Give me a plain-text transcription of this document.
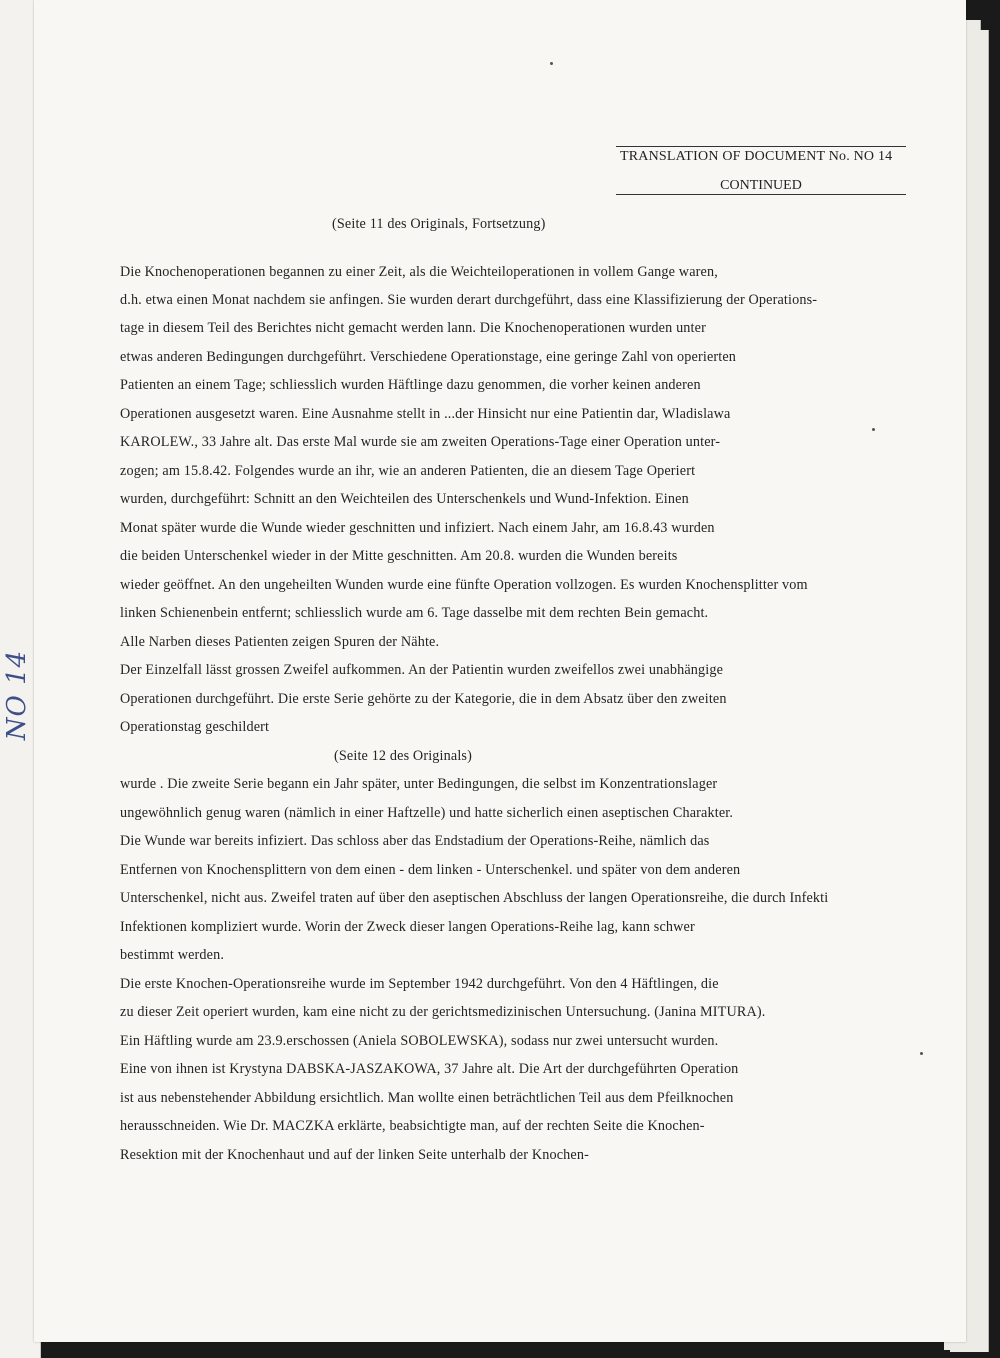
NO 14
TRANSLATION OF DOCUMENT No. NO 14
CONTINUED
(Seite 11 des Originals, Fortsetzung)
Die Knochenoperationen begannen zu einer Zeit, als die Weichteiloperationen in vollem Gange waren,
d.h. etwa einen Monat nachdem sie anfingen. Sie wurden derart durchgeführt, dass eine Klassifizierung der Operations-
tage in diesem Teil des Berichtes nicht gemacht werden lann. Die Knochenoperationen wurden unter
etwas anderen Bedingungen durchgeführt. Verschiedene Operationstage, eine geringe Zahl von operierten
Patienten an einem Tage; schliesslich wurden Häftlinge dazu genommen, die vorher keinen anderen
Operationen ausgesetzt waren. Eine Ausnahme stellt in ...der Hinsicht nur eine Patientin dar, Wladislawa
KAROLEW., 33 Jahre alt. Das erste Mal wurde sie am zweiten Operations-Tage einer Operation unter-
zogen; am 15.8.42. Folgendes wurde an ihr, wie an anderen Patienten, die an diesem Tage Operiert
wurden, durchgeführt: Schnitt an den Weichteilen des Unterschenkels und Wund-Infektion. Einen
Monat später wurde die Wunde wieder geschnitten und infiziert. Nach einem Jahr, am 16.8.43 wurden
die beiden Unterschenkel wieder in der Mitte geschnitten. Am 20.8. wurden die Wunden bereits
wieder geöffnet. An den ungeheilten Wunden wurde eine fünfte Operation vollzogen. Es wurden Knochensplitter vom
linken Schienenbein entfernt; schliesslich wurde am 6. Tage dasselbe mit dem rechten Bein gemacht.
Alle Narben dieses Patienten zeigen Spuren der Nähte.
Der Einzelfall lässt grossen Zweifel aufkommen. An der Patientin wurden zweifellos zwei unabhängige
Operationen durchgeführt. Die erste Serie gehörte zu der Kategorie, die in dem Absatz über den zweiten
Operationstag geschildert
(Seite 12 des Originals)
wurde . Die zweite Serie begann ein Jahr später, unter Bedingungen, die selbst im Konzentrationslager
ungewöhnlich genug waren (nämlich in einer Haftzelle) und hatte sicherlich einen aseptischen Charakter.
Die Wunde war bereits infiziert. Das schloss aber das Endstadium der Operations-Reihe, nämlich das
Entfernen von Knochensplittern von dem einen - dem linken - Unterschenkel. und später von dem anderen
Unterschenkel, nicht aus. Zweifel traten auf über den aseptischen Abschluss der langen Operationsreihe, die durch Infekti
Infektionen kompliziert wurde. Worin der Zweck dieser langen Operations-Reihe lag, kann schwer
bestimmt werden.
Die erste Knochen-Operationsreihe wurde im September 1942 durchgeführt. Von den 4 Häftlingen, die
zu dieser Zeit operiert wurden, kam eine nicht zu der gerichtsmedizinischen Untersuchung. (Janina MITURA).
Ein Häftling wurde am 23.9.erschossen (Aniela SOBOLEWSKA), sodass nur zwei untersucht wurden.
Eine von ihnen ist Krystyna DABSKA-JASZAKOWA, 37 Jahre alt. Die Art der durchgeführten Operation
ist aus nebenstehender Abbildung ersichtlich. Man wollte einen beträchtlichen Teil aus dem Pfeilknochen
herausschneiden. Wie Dr. MACZKA erklärte, beabsichtigte man, auf der rechten Seite die Knochen-
Resektion mit der Knochenhaut und auf der linken Seite unterhalb der Knochen-
